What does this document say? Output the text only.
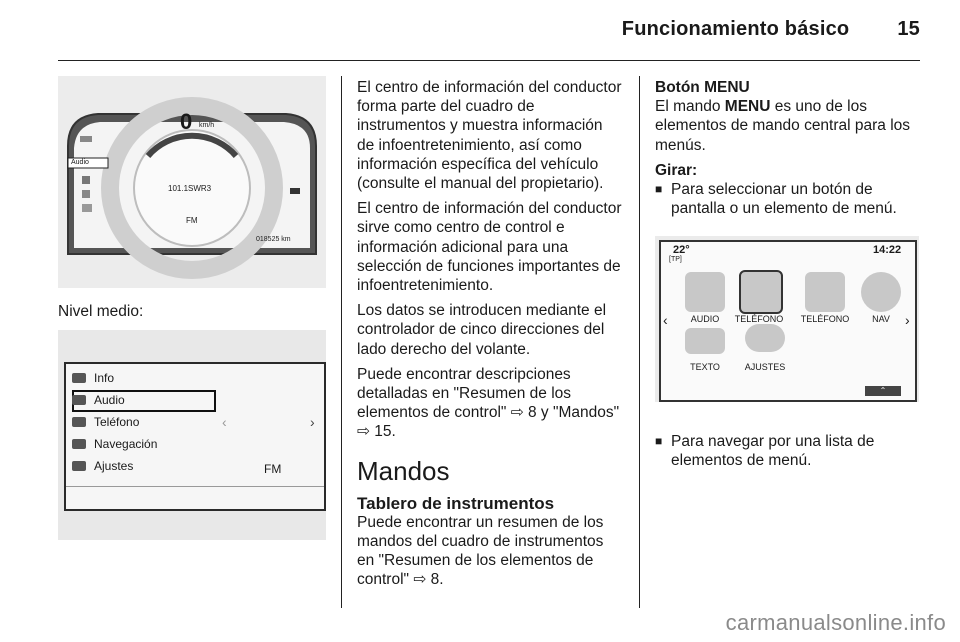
Funcionamiento básico 15
0 km/h
Audio
101.1SWR3
FM
018525 km

Nivel medio:

Info
Audio
Teléfono
Navegación
Ajustes	FM
‹	›

El centro de información del conductor forma parte del cuadro de instrumentos y muestra información de infoentretenimiento, así como información específica del vehículo (consulte el manual del propietario).

El centro de información del conductor sirve como centro de control e información adicional para una selección de funciones importantes de infoentretenimiento.

Los datos se introducen mediante el controlador de cinco direcciones del lado derecho del volante.

Puede encontrar descripciones detalladas en "Resumen de los elementos de control" ⇨ 8 y "Mandos" ⇨ 15.

Mandos
Tablero de instrumentos

Puede encontrar un resumen de los mandos del cuadro de instrumentos en "Resumen de los elementos de control" ⇨ 8.

Botón MENU

El mando MENU es uno de los elementos de mando central para los menús.

Girar:
■ Para seleccionar un botón de pantalla o un elemento de menú.
22°
[TP]
14:22
AUDIO	TELÉFONO	TELÉFONO	NAV
TEXTO	AJUSTES
‹	›
⌃
■ Para navegar por una lista de elementos de menú.
carmanualsonline.info
